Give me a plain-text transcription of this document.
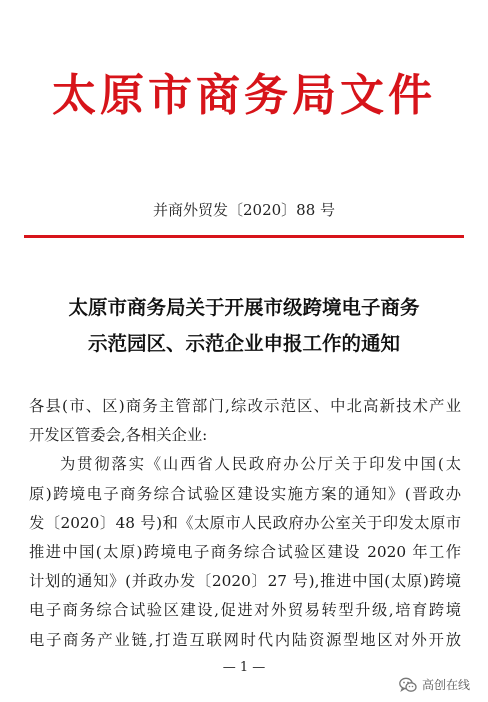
太原市商务局文件
并商外贸发〔2020〕88 号
太原市商务局关于开展市级跨境电子商务
示范园区、示范企业申报工作的通知
各县(市、区)商务主管部门,综改示范区、中北高新技术产业
开发区管委会,各相关企业:
为贯彻落实《山西省人民政府办公厅关于印发中国(太
原)跨境电子商务综合试验区建设实施方案的通知》(晋政办
发〔2020〕48 号)和《太原市人民政府办公室关于印发太原市
推进中国(太原)跨境电子商务综合试验区建设 2020 年工作
计划的通知》(并政办发〔2020〕27 号),推进中国(太原)跨境
电子商务综合试验区建设,促进对外贸易转型升级,培育跨境
电子商务产业链,打造互联网时代内陆资源型地区对外开放
— 1 —
高创在线
